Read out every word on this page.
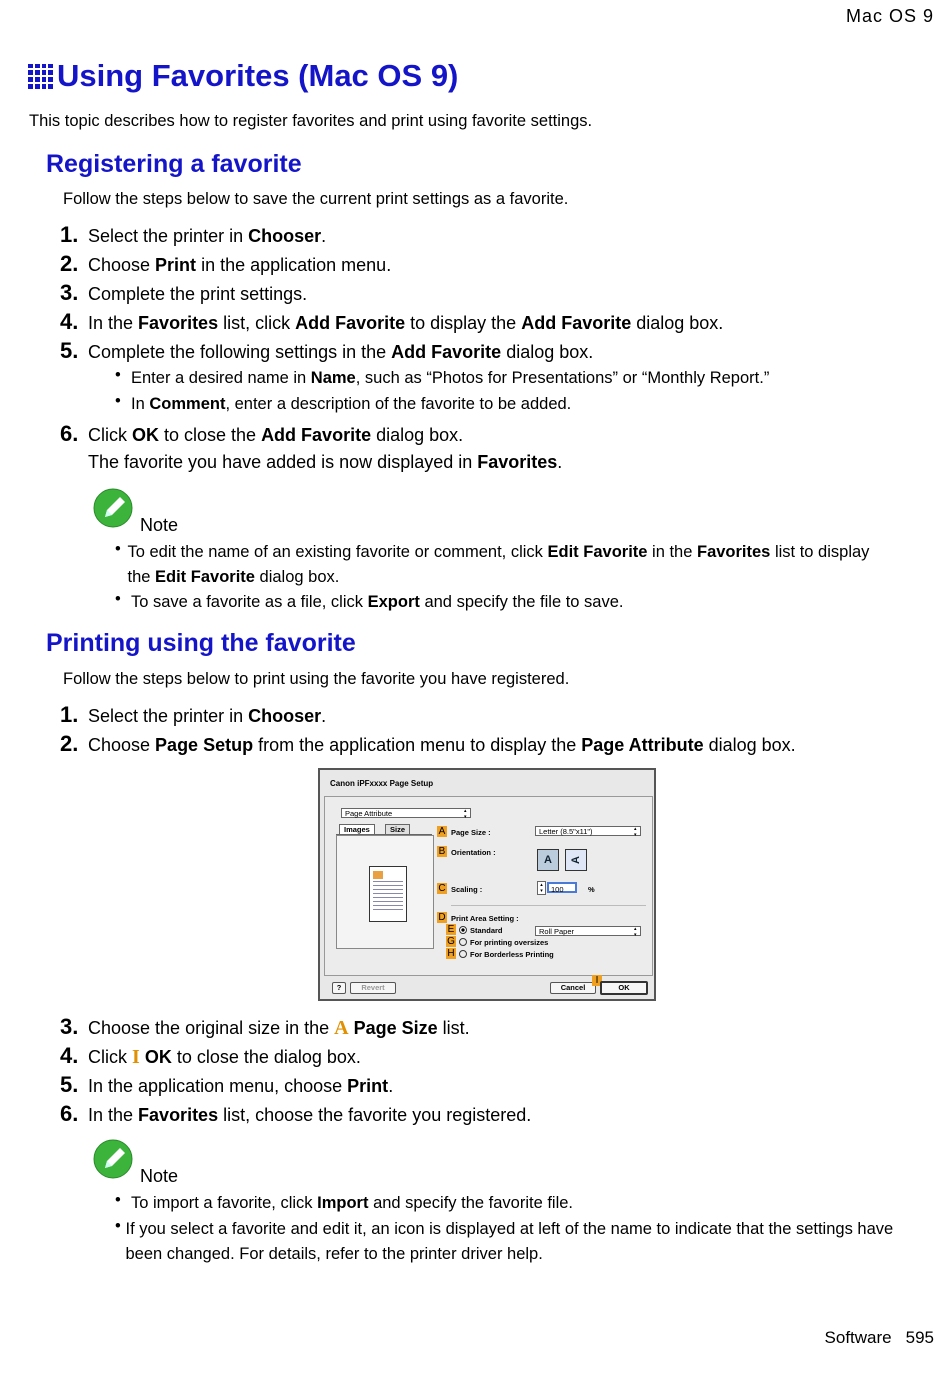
Mac OS 9
Using Favorites (Mac OS 9)
This topic describes how to register favorites and print using favorite settings.
Registering a favorite
Follow the steps below to save the current print settings as a favorite.
1. Select the printer in Chooser.
2. Choose Print in the application menu.
3. Complete the print settings.
4. In the Favorites list, click Add Favorite to display the Add Favorite dialog box.
5. Complete the following settings in the Add Favorite dialog box.
• Enter a desired name in Name, such as “Photos for Presentations” or “Monthly Report.”
• In Comment, enter a description of the favorite to be added.
6. Click OK to close the Add Favorite dialog box.
The favorite you have added is now displayed in Favorites.
Note
• To edit the name of an existing favorite or comment, click Edit Favorite in the Favorites list to display the Edit Favorite dialog box.
• To save a favorite as a file, click Export and specify the file to save.
Printing using the favorite
Follow the steps below to print using the favorite you have registered.
1. Select the printer in Chooser.
2. Choose Page Setup from the application menu to display the Page Attribute dialog box.
Canon iPFxxxx Page Setup
Page Attribute ▴▾
Images	Size	A Page Size :	Letter (8.5"x11") ▴▾
B Orientation :
A	A
C Scaling :	▴
▾	100	%
D Print Area Setting :
E	Standard	Roll Paper ▴▾
G	For printing oversizes
H	For Borderless Printing
?	Revert	Cancel
I
OK
3. Choose the original size in the A Page Size list.
4. Click I OK to close the dialog box.
5. In the application menu, choose Print.
6. In the Favorites list, choose the favorite you registered.
Note
• To import a favorite, click Import and specify the favorite file.
• If you select a favorite and edit it, an icon is displayed at left of the name to indicate that the settings have been changed. For details, refer to the printer driver help.
Software 595
